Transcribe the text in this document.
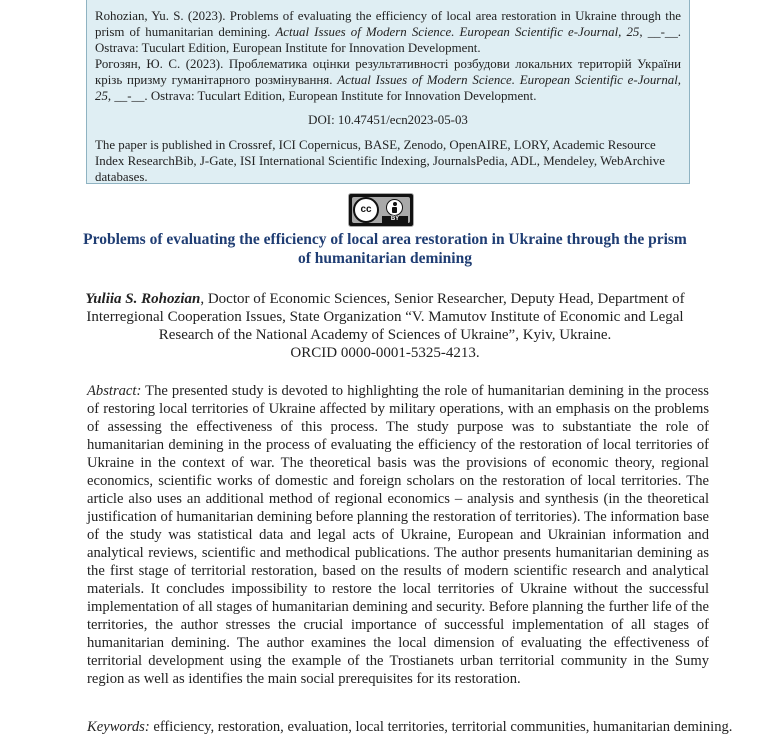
Rohozian, Yu. S. (2023). Problems of evaluating the efficiency of local area restoration in Ukraine through the prism of humanitarian demining. Actual Issues of Modern Science. European Scientific e-Journal, 25, __-__. Ostrava: Tuculart Edition, European Institute for Innovation Development.

Рогозян, Ю. С. (2023). Проблематика оцінки результативності розбудови локальних територій України крізь призму гуманітарного розмінування. Actual Issues of Modern Science. European Scientific e-Journal, 25, __-__. Ostrava: Tuculart Edition, European Institute for Innovation Development.

DOI: 10.47451/ecn2023-05-03

The paper is published in Crossref, ICI Copernicus, BASE, Zenodo, OpenAIRE, LORY, Academic Resource Index ResearchBib, J-Gate, ISI International Scientific Indexing, JournalsPedia, ADL, Mendeley, WebArchive databases.

cc
BY
Problems of evaluating the efficiency of local area restoration in Ukraine through the prism of humanitarian demining
Yuliia S. Rohozian, Doctor of Economic Sciences, Senior Researcher, Deputy Head, Department of Interregional Cooperation Issues, State Organization “V. Mamutov Institute of Economic and Legal Research of the National Academy of Sciences of Ukraine”, Kyiv, Ukraine.
ORCID 0000-0001-5325-4213.
Abstract: The presented study is devoted to highlighting the role of humanitarian demining in the process of restoring local territories of Ukraine affected by military operations, with an emphasis on the problems of assessing the effectiveness of this process. The study purpose was to substantiate the role of humanitarian demining in the process of evaluating the efficiency of the restoration of local territories of Ukraine in the context of war. The theoretical basis was the provisions of economic theory, regional economics, scientific works of domestic and foreign scholars on the restoration of local territories. The article also uses an additional method of regional economics – analysis and synthesis (in the theoretical justification of humanitarian demining before planning the restoration of territories). The information base of the study was statistical data and legal acts of Ukraine, European and Ukrainian information and analytical reviews, scientific and methodical publications. The author presents humanitarian demining as the first stage of territorial restoration, based on the results of modern scientific research and analytical materials. It concludes impossibility to restore the local territories of Ukraine without the successful implementation of all stages of humanitarian demining and security. Before planning the further life of the territories, the author stresses the crucial importance of successful implementation of all stages of humanitarian demining. The author examines the local dimension of evaluating the effectiveness of territorial development using the example of the Trostianets urban territorial community in the Sumy region as well as identifies the main social prerequisites for its restoration.
Keywords: efficiency, restoration, evaluation, local territories, territorial communities, humanitarian demining.
